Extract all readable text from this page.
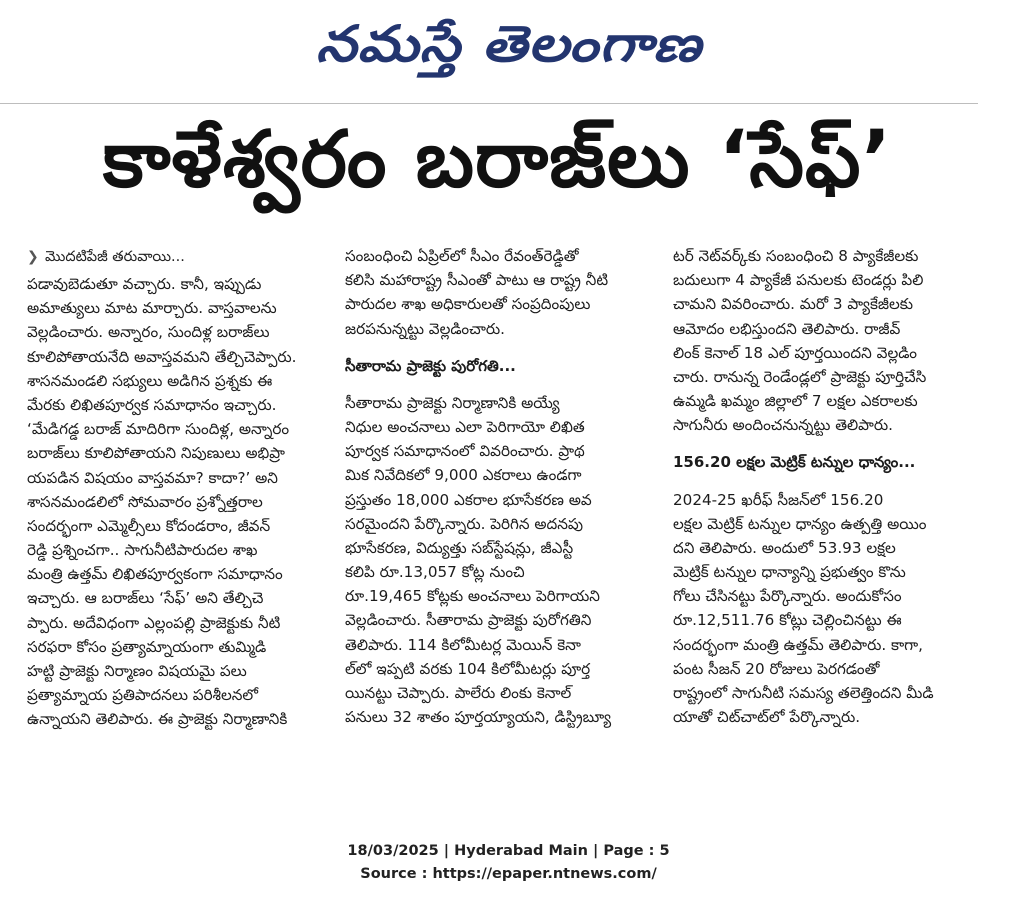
నమస్తే తెలంగాణ
కాళేశ్వరం బరాజ్‌లు ‘సేఫ్‌’
❯ మొదటిపేజీ తరువాయి...
పడావుబెడుతూ వచ్చారు. కానీ, ఇప్పుడు
అమాత్యులు మాట మార్చారు. వాస్తవాలను
వెల్లడించారు. అన్నారం, సుందిళ్ల బరాజ్‌లు
కూలిపోతాయనేది అవాస్తవమని తేల్చిచెప్పారు.
శాసనమండలి సభ్యులు అడిగిన ప్రశ్నకు ఈ
మేరకు లిఖితపూర్వక సమాధానం ఇచ్చారు.
‘మేడిగడ్డ బరాజ్ మాదిరిగా సుందిళ్ల, అన్నారం
బరాజ్‌లు కూలిపోతాయని నిపుణులు అభిప్రా
యపడిన విషయం వాస్తవమా? కాదా?’ అని
శాసనమండలిలో సోమవారం ప్రశ్నోత్తరాల
సందర్భంగా ఎమ్మెల్సీలు కోదండరాం, జీవన్
రెడ్డి ప్రశ్నించగా.. సాగునీటిపారుదల శాఖ
మంత్రి ఉత్తమ్ లిఖితపూర్వకంగా సమాధానం
ఇచ్చారు. ఆ బరాజ్‌లు ‘సేఫ్’ అని తేల్చిచె
ప్పారు. అదేవిధంగా ఎల్లంపల్లి ప్రాజెక్టుకు నీటి
సరఫరా కోసం ప్రత్యామ్నాయంగా తుమ్మిడి
హట్టి ప్రాజెక్టు నిర్మాణం విషయమై పలు
ప్రత్యామ్నాయ ప్రతిపాదనలు పరిశీలనలో
ఉన్నాయని తెలిపారు. ఈ ప్రాజెక్టు నిర్మాణానికి
సంబంధించి ఏప్రిల్‌లో సీఎం రేవంత్‌రెడ్డితో
కలిసి మహారాష్ట్ర సీఎంతో పాటు ఆ రాష్ట్ర నీటి
పారుదల శాఖ అధికారులతో సంప్రదింపులు
జరపనున్నట్టు వెల్లడించారు.
సీతారామ ప్రాజెక్టు పురోగతి...
సీతారామ ప్రాజెక్టు నిర్మాణానికి అయ్యే
నిధుల అంచనాలు ఎలా పెరిగాయో లిఖిత
పూర్వక సమాధానంలో వివరించారు. ప్రాథ
మిక నివేదికలో 9,000 ఎకరాలు ఉండగా
ప్రస్తుతం 18,000 ఎకరాల భూసేకరణ అవ
సరమైందని పేర్కొన్నారు. పెరిగిన అదనపు
భూసేకరణ, విద్యుత్తు సబ్‌స్టేషన్లు, జీఎస్టీ
కలిపి రూ.13,057 కోట్ల నుంచి
రూ.19,465 కోట్లకు అంచనాలు పెరిగాయని
వెల్లడించారు. సీతారామ ప్రాజెక్టు పురోగతిని
తెలిపారు. 114 కిలోమీటర్ల మెయిన్ కెనా
ల్‌లో ఇప్పటి వరకు 104 కిలోమీటర్లు పూర్త
యినట్టు చెప్పారు. పాలేరు లింకు కెనాల్
పనులు 32 శాతం పూర్తయ్యాయని, డిస్ట్రిబ్యూ
టర్ నెట్‌వర్క్‌కు సంబంధించి 8 ప్యాకేజీలకు
బదులుగా 4 ప్యాకేజీ పనులకు టెండర్లు పిలి
చామని వివరించారు. మరో 3 ప్యాకేజీలకు
ఆమోదం లభిస్తుందని తెలిపారు. రాజీవ్
లింక్ కెనాల్ 18 ఎల్ పూర్తయిందని వెల్లడిం
చారు. రానున్న రెండేండ్లలో ప్రాజెక్టు పూర్తిచేసి
ఉమ్మడి ఖమ్మం జిల్లాలో 7 లక్షల ఎకరాలకు
సాగునీరు అందించనున్నట్టు తెలిపారు.
156.20 లక్షల మెట్రిక్ టన్నుల ధాన్యం...
2024-25 ఖరీఫ్ సీజన్‌లో 156.20
లక్షల మెట్రిక్ టన్నుల ధాన్యం ఉత్పత్తి అయిం
దని తెలిపారు. అందులో 53.93 లక్షల
మెట్రిక్ టన్నుల ధాన్యాన్ని ప్రభుత్వం కొను
గోలు చేసినట్టు పేర్కొన్నారు. అందుకోసం
రూ.12,511.76 కోట్లు చెల్లించినట్టు ఈ
సందర్భంగా మంత్రి ఉత్తమ్ తెలిపారు. కాగా,
పంట సీజన్ 20 రోజులు పెరగడంతో
రాష్ట్రంలో సాగునీటి సమస్య తలెత్తిందని మీడి
యాతో చిట్‌చాట్‌లో పేర్కొన్నారు.
18/03/2025 | Hyderabad Main | Page : 5
Source : https://epaper.ntnews.com/
